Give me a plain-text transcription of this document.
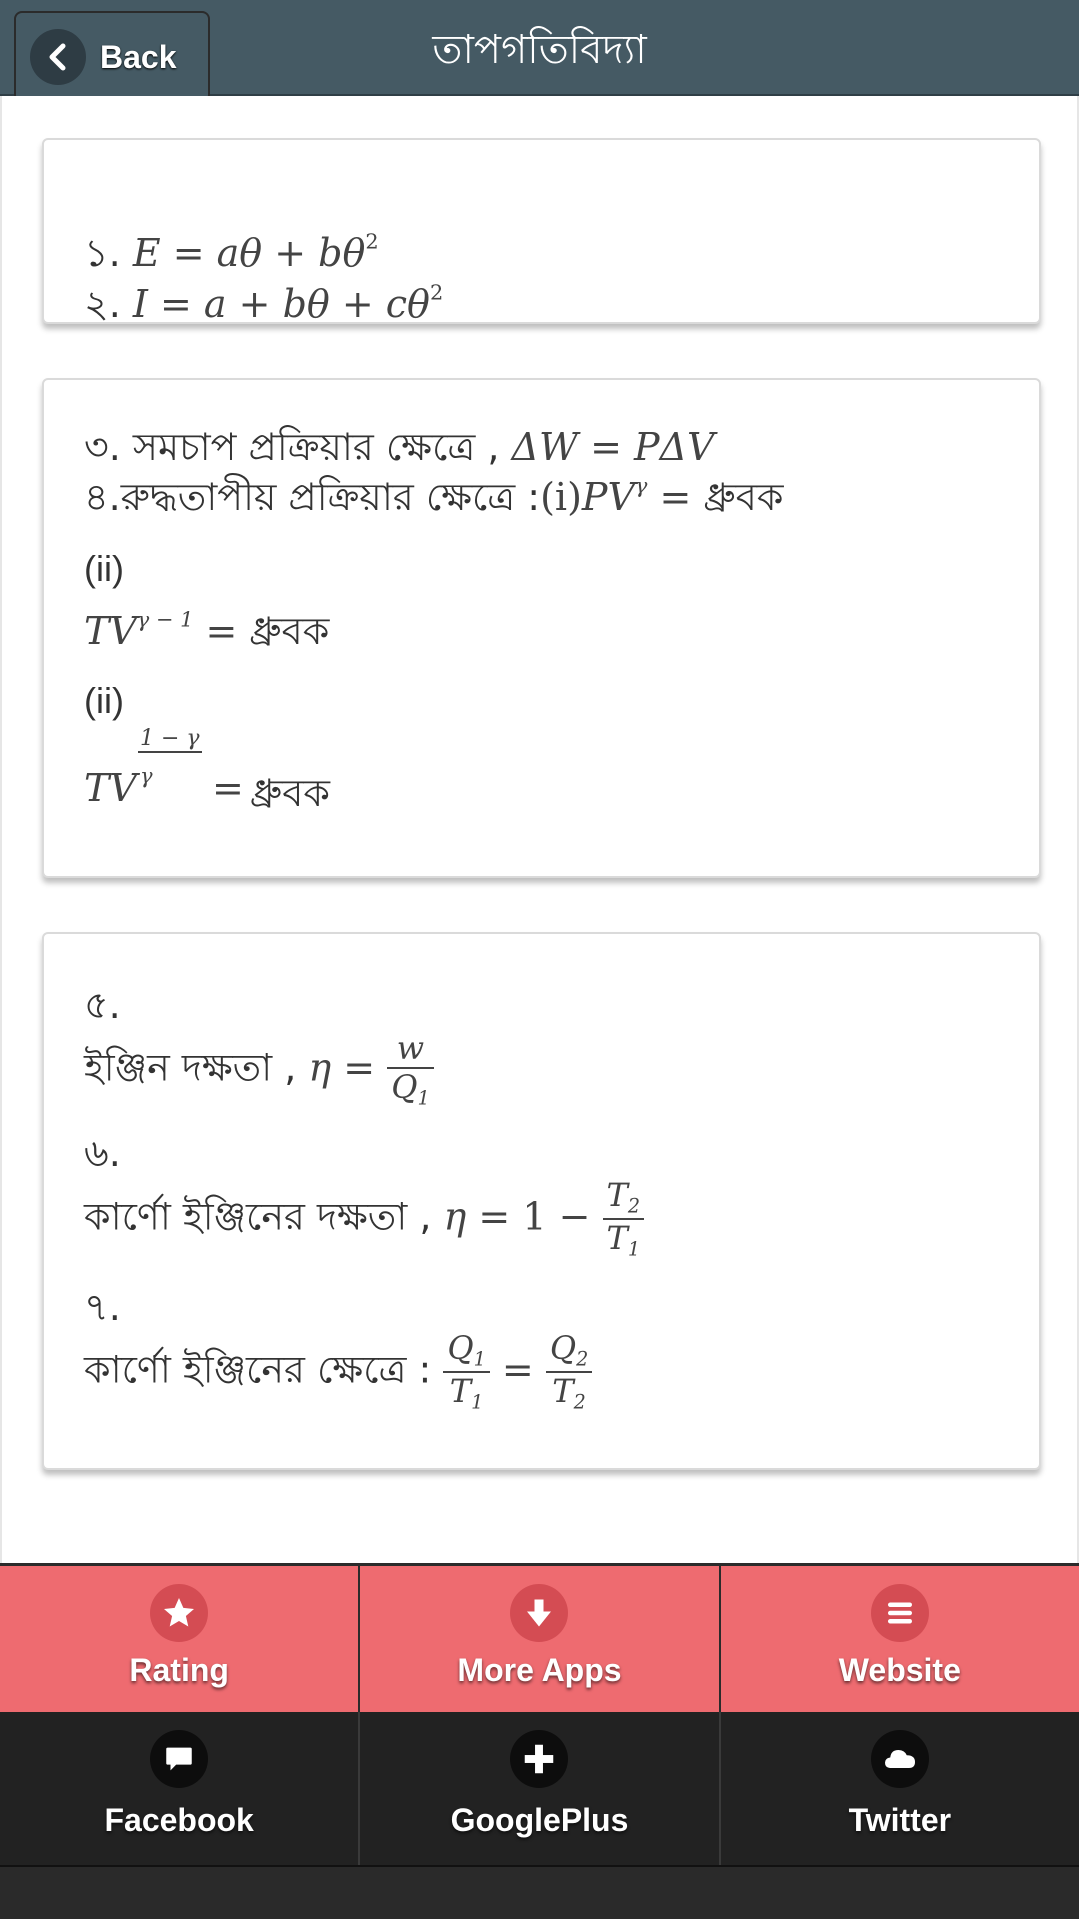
Back	তাপগতিবিদ্যা
১. $E = a\theta + b\theta^2$
২. $I = a + b\theta + c\theta^2$
৩. সমচাপ প্রক্রিয়ার ক্ষেত্রে , ΔW = PΔV
৪.রুদ্ধতাপীয় প্রক্রিয়ার ক্ষেত্রে $:(i)PV^\gamma$ = ধ্রুবক
(ii)
$TV^{\gamma - 1}$ = ধ্রুবক
(ii)
TV γ
1 − γ
= ধ্রুবক
৫.
ইঞ্জিন দক্ষতা , $\eta = \frac{w}{Q_1}$
৬.
কার্ণো ইঞ্জিনের দক্ষতা , $\eta = 1 - \frac{T_2}{T_1}$
৭.
কার্ণো ইঞ্জিনের ক্ষেত্রে : $\frac{Q_1}{T_1} = \frac{Q_2}{T_2}$
Rating	More Apps	Website
Facebook	GooglePlus	Twitter
